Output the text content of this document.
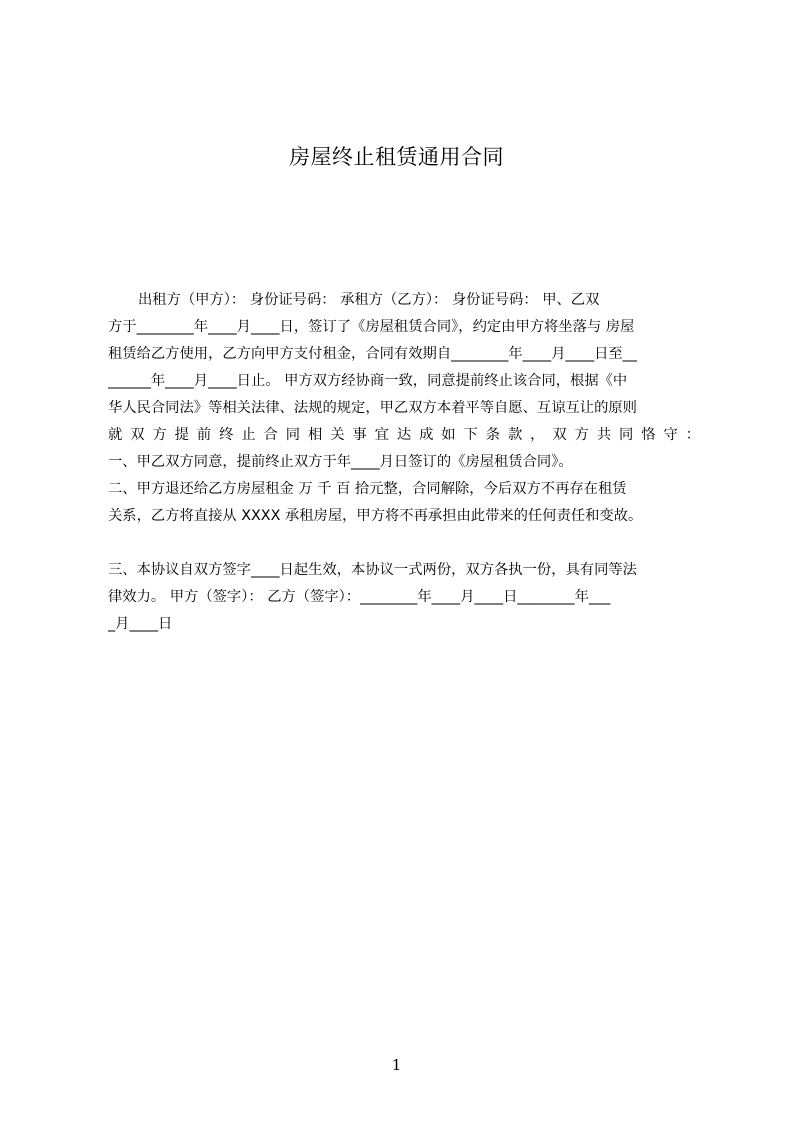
房屋终止租赁通用合同
出租方（甲方）： 身份证号码： 承租方（乙方）： 身份证号码： 甲、乙双
方于________年____月____日，签订了《房屋租赁合同》，约定由甲方将坐落与 房屋
租赁给乙方使用，乙方向甲方支付租金，合同有效期自________年____月____日至__
______年____月____日止。 甲方双方经协商一致，同意提前终止该合同，根据《中
华人民合同法》等相关法律、法规的规定，甲乙双方本着平等自愿、互谅互让的原则
就双方提前终止合同相关事宜达成如下条款，双方共同恪守：
一、甲乙双方同意，提前终止双方于年____月日签订的《房屋租赁合同》。
二、甲方退还给乙方房屋租金 万 千 百 拾元整，合同解除，今后双方不再存在租赁
关系，乙方将直接从 XXXX 承租房屋，甲方将不再承担由此带来的任何责任和变故。
三、本协议自双方签字____日起生效，本协议一式两份，双方各执一份，具有同等法
律效力。 甲方（签字）： 乙方（签字）：________年____月____日________年___
_月____日
1
